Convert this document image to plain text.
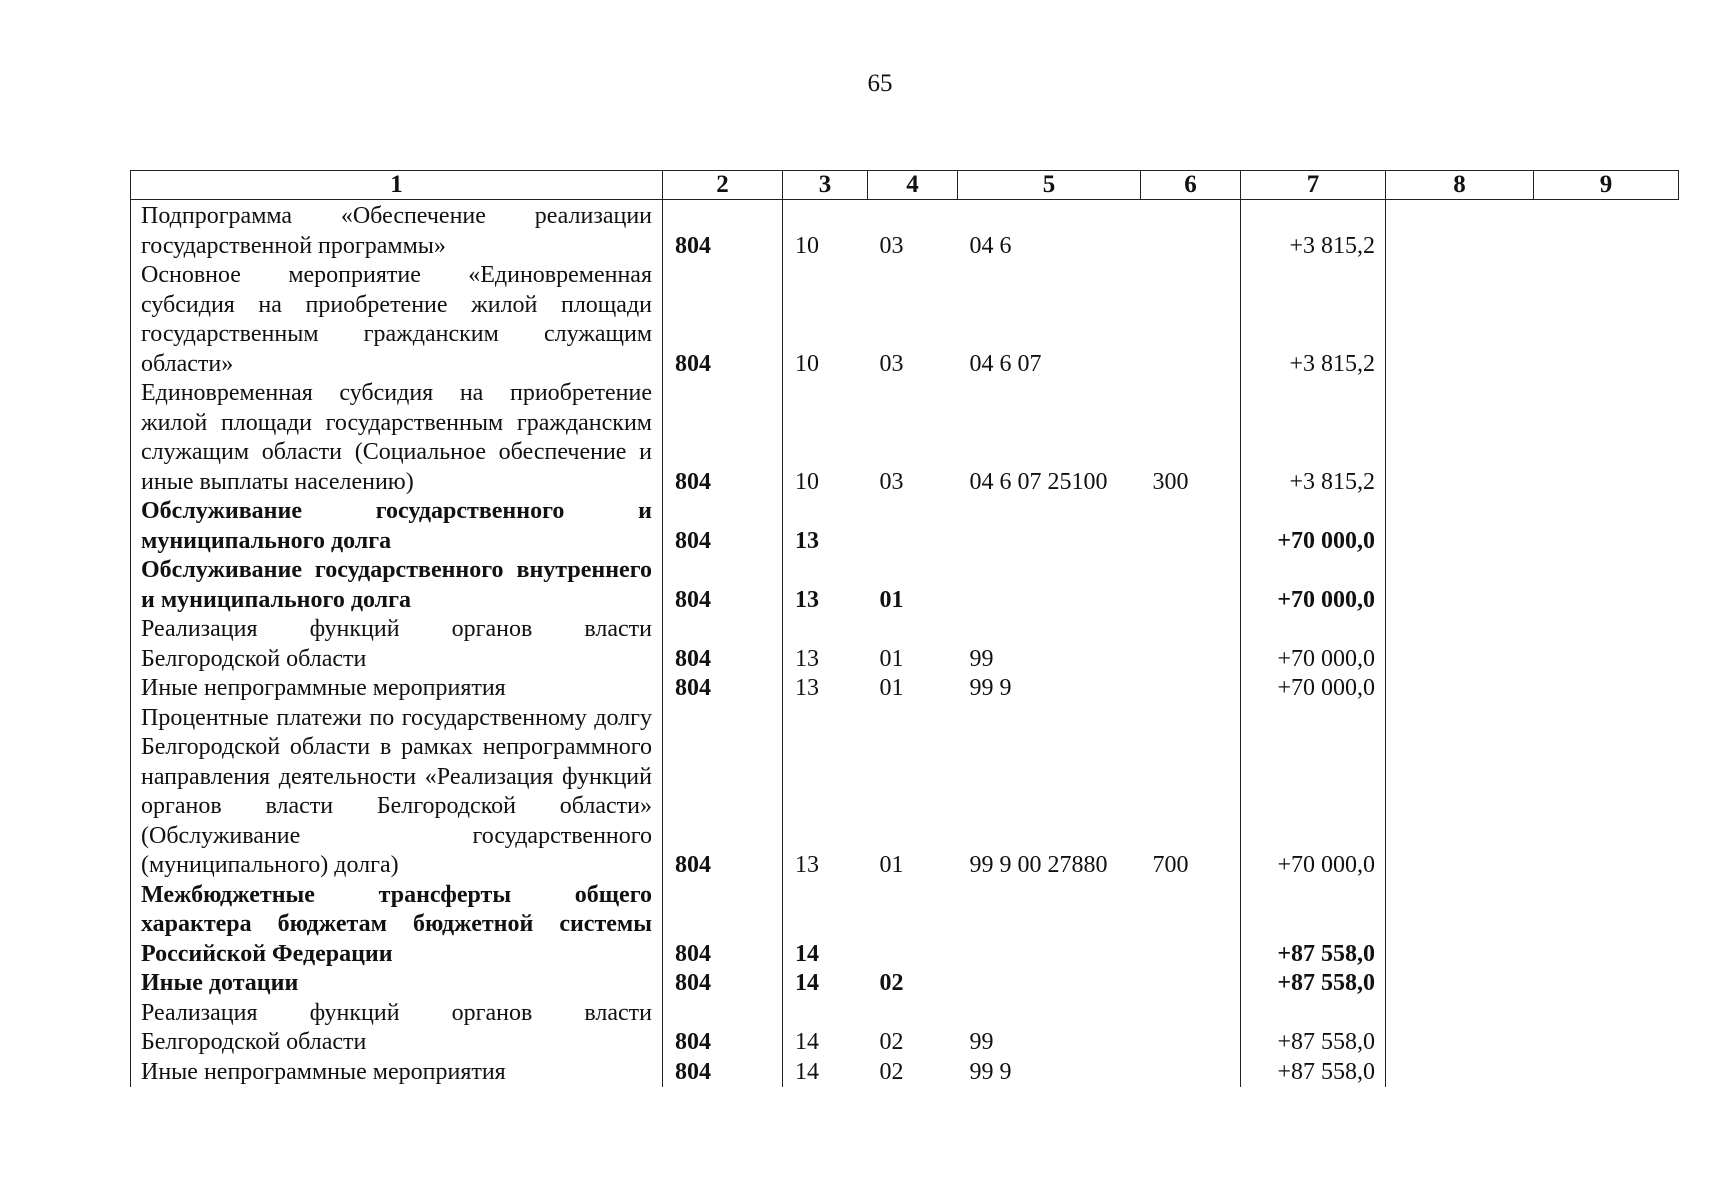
65
1	2	3	4	5	6	7	8	9
Подпрограмма «Обеспечение реализации государственной программы»	804	10	03	04 6		+3 815,2		
Основное мероприятие «Единовременная субсидия на приобретение жилой площади государственным гражданским служащим области»	804	10	03	04 6 07		+3 815,2		
Единовременная субсидия на приобретение жилой площади государственным гражданским служащим области (Социальное обеспечение и иные выплаты населению)	804	10	03	04 6 07 25100	300	+3 815,2		
Обслуживание государственного и муниципального долга	804	13				+70 000,0		
Обслуживание государственного внутреннего и муниципального долга	804	13	01			+70 000,0		
Реализация функций органов власти Белгородской области	804	13	01	99		+70 000,0		
Иные непрограммные мероприятия	804	13	01	99 9		+70 000,0		
Процентные платежи по государственному долгу Белгородской области в рамках непрограммного направления деятельности «Реализация функций органов власти Белгородской области» (Обслуживание государственного (муниципального) долга)	804	13	01	99 9 00 27880	700	+70 000,0		
Межбюджетные трансферты общего характера бюджетам бюджетной системы Российской Федерации	804	14				+87 558,0		
Иные дотации	804	14	02			+87 558,0		
Реализация функций органов власти Белгородской области	804	14	02	99		+87 558,0		
Иные непрограммные мероприятия	804	14	02	99 9		+87 558,0		
